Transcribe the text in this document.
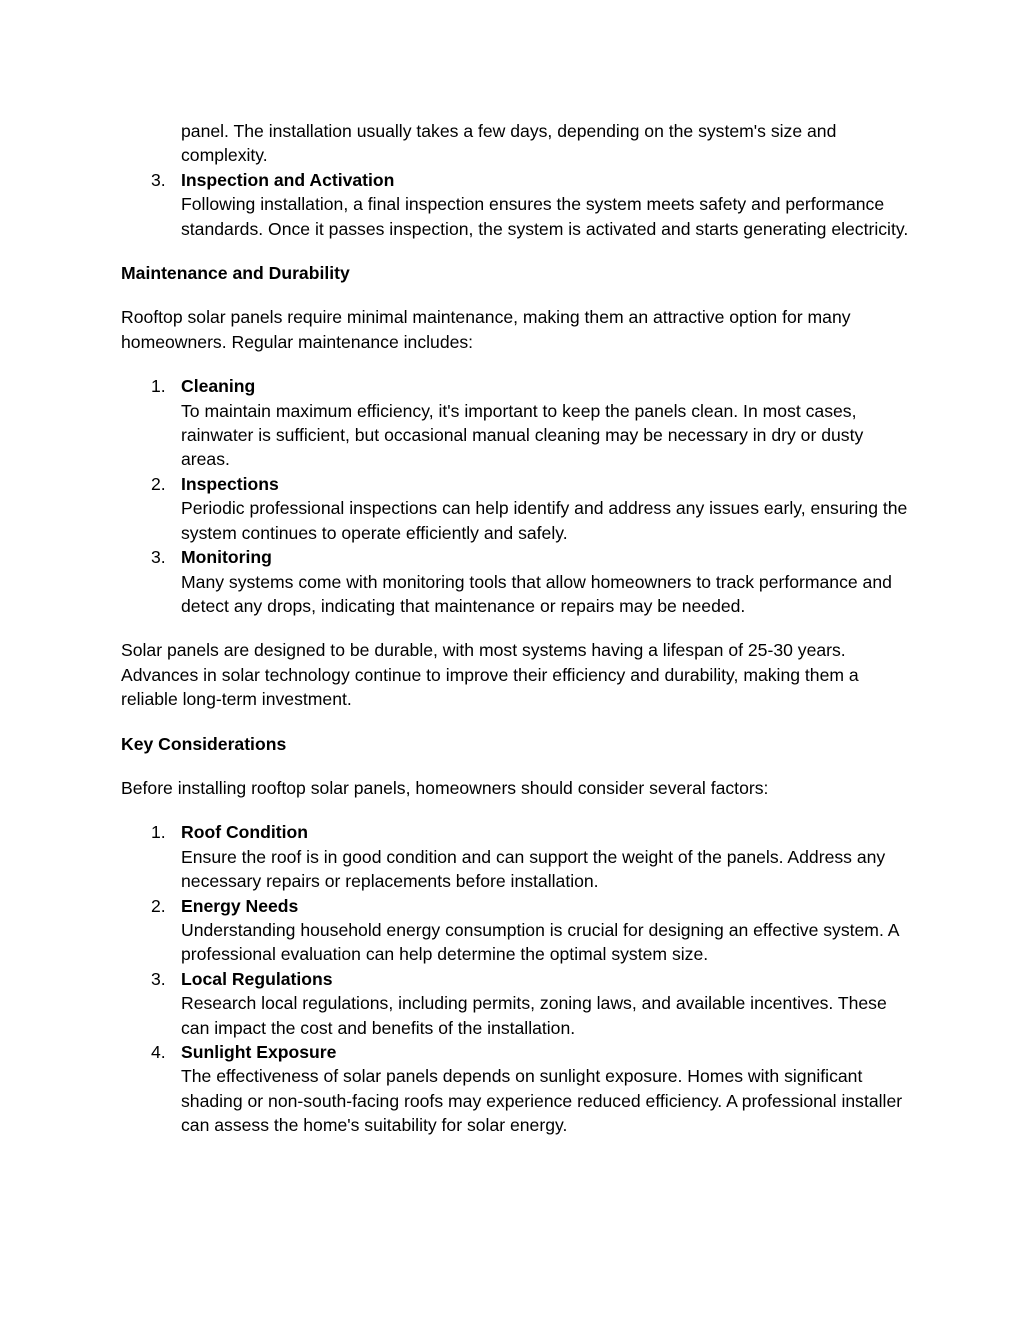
panel. The installation usually takes a few days, depending on the system's size and complexity.

3. Inspection and Activation
Following installation, a final inspection ensures the system meets safety and performance standards. Once it passes inspection, the system is activated and starts generating electricity.

Maintenance and Durability

Rooftop solar panels require minimal maintenance, making them an attractive option for many homeowners. Regular maintenance includes:

1. Cleaning
To maintain maximum efficiency, it's important to keep the panels clean. In most cases, rainwater is sufficient, but occasional manual cleaning may be necessary in dry or dusty areas.
2. Inspections
Periodic professional inspections can help identify and address any issues early, ensuring the system continues to operate efficiently and safely.
3. Monitoring
Many systems come with monitoring tools that allow homeowners to track performance and detect any drops, indicating that maintenance or repairs may be needed.

Solar panels are designed to be durable, with most systems having a lifespan of 25-30 years. Advances in solar technology continue to improve their efficiency and durability, making them a reliable long-term investment.

Key Considerations

Before installing rooftop solar panels, homeowners should consider several factors:

1. Roof Condition
Ensure the roof is in good condition and can support the weight of the panels. Address any necessary repairs or replacements before installation.
2. Energy Needs
Understanding household energy consumption is crucial for designing an effective system. A professional evaluation can help determine the optimal system size.
3. Local Regulations
Research local regulations, including permits, zoning laws, and available incentives. These can impact the cost and benefits of the installation.
4. Sunlight Exposure
The effectiveness of solar panels depends on sunlight exposure. Homes with significant shading or non-south-facing roofs may experience reduced efficiency. A professional installer can assess the home's suitability for solar energy.
